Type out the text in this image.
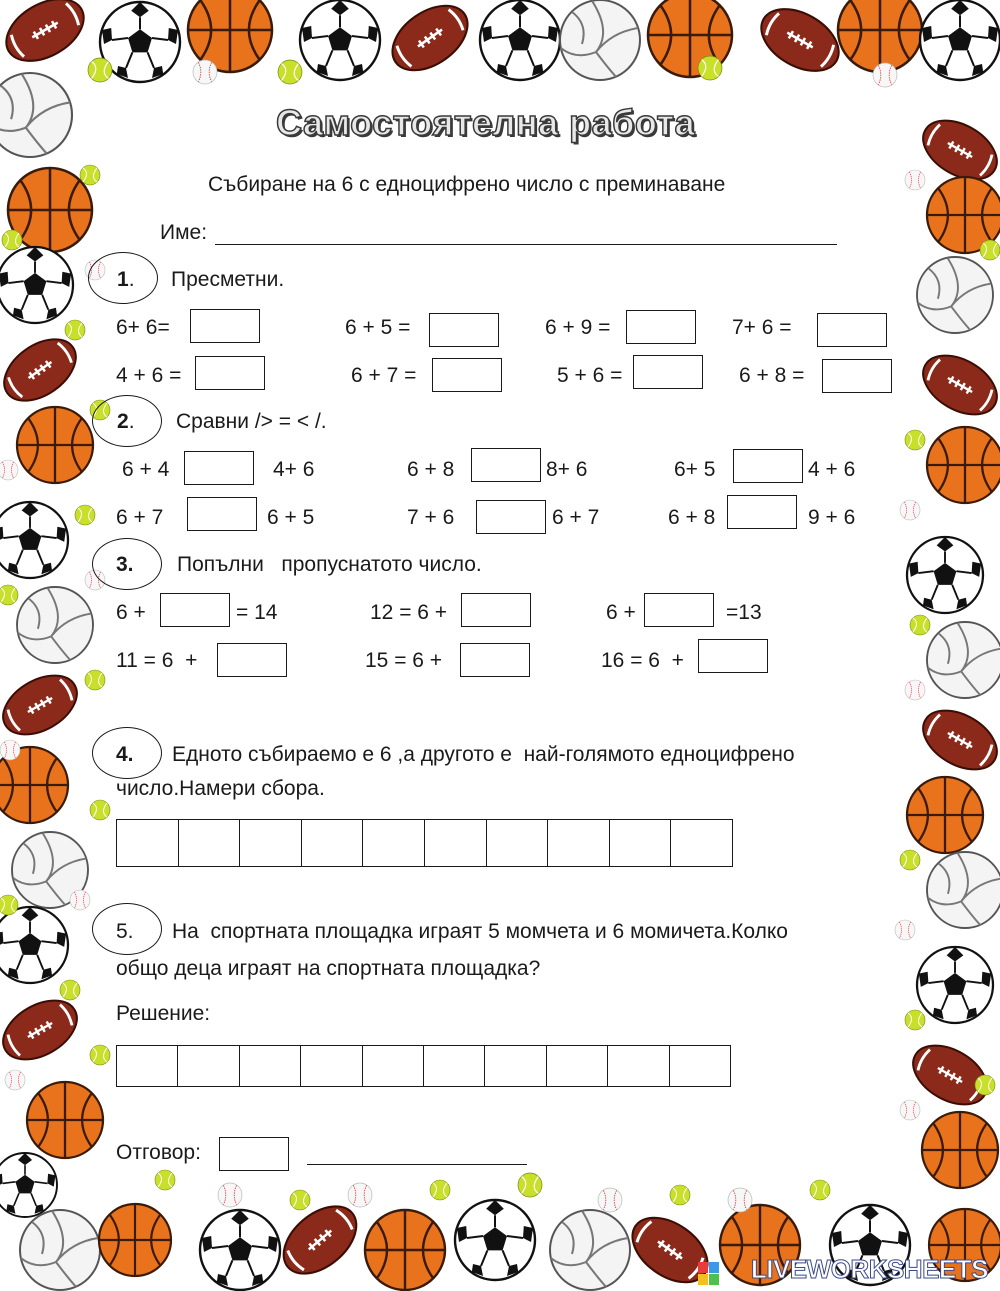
Самостоятелна работа
Събиране на 6 с едноцифрено число с преминаване
Име:
1. Пресметни.
6+ 6=	6 + 5 =	6 + 9 =	7+ 6 =
4 + 6 =	6 + 7 =	5 + 6 =	6 + 8 =
2. Сравни /> = < /.
6 + 4	4+ 6	6 + 8	8+ 6	6+ 5	4 + 6
6 + 7	6 + 5	7 + 6	6 + 7	6 + 8	9 + 6
3. Попълни   пропуснатото число.
6 +	= 14	12 = 6 +	6 +	=13
11 = 6  +	15 = 6 +	16 = 6  +
4. Едното събираемо е 6 ,а другото е  най-голямото едноцифрено
число.Намери сбора.
5. На  спортната площадка играят 5 момчета и 6 момичета.Колко
общо деца играят на спортната площадка?
Решение:
Отговор:
LIVEWORKSHEETS
